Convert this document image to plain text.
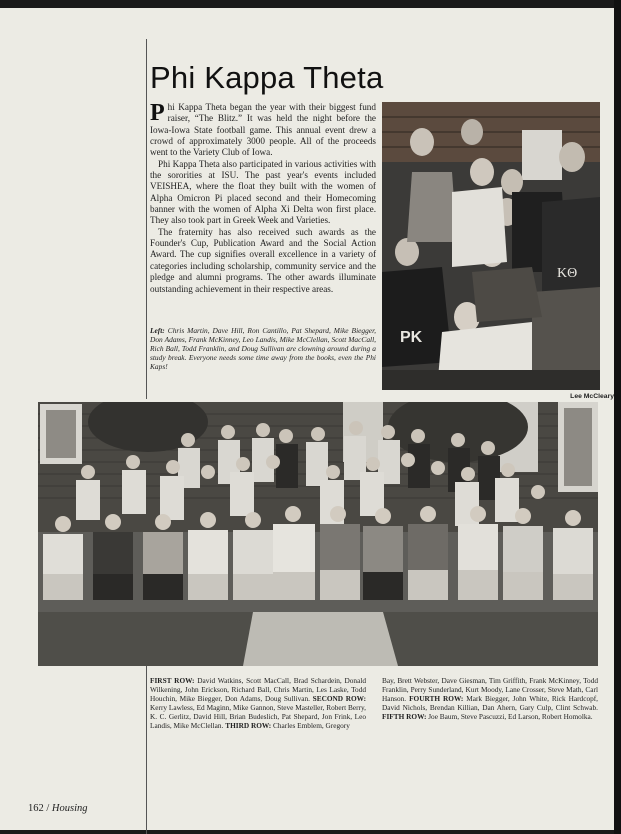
Phi Kappa Theta

Phi Kappa Theta began the year with their biggest fund raiser, “The Blitz.” It was held the night before the Iowa-Iowa State football game. This annual event drew a crowd of approximately 3000 people. All of the proceeds went to the Variety Club of Iowa.

Phi Kappa Theta also participated in various activities with the sororities at ISU. The past year's events included VEISHEA, where the float they built with the women of Alpha Omicron Pi placed second and their Homecoming banner with the women of Alpha Xi Delta won first place. They also took part in Greek Week and Varieties.

The fraternity has also received such awards as the Founder's Cup, Publication Award and the Social Action Award. The cup signifies overall excellence in a variety of categories including scholarship, community service and the pledge and alumni programs. The other awards illuminate outstanding achievement in their respective areas.

Left: Chris Martin, Dave Hill, Ron Cantillo, Pat Shepard, Mike Biegger, Don Adams, Frank McKinney, Leo Landis, Mike McClellan, Scott MacCall, Rich Ball, Todd Franklin, and Doug Sullivan are clowning around during a study break. Everyone needs some time away from the books, even the Phi Kaps!
PK
KΘ
Lee McCleary
FIRST ROW: David Watkins, Scott MacCall, Brad Schardein, Donald Wilkening, John Erickson, Richard Ball, Chris Martin, Les Laske, Todd Houchin, Mike Biegger, Don Adams, Doug Sullivan. SECOND ROW: Kerry Lawless, Ed Maginn, Mike Gannon, Steve Masteller, Robert Berry, K. C. Gerlitz, David Hill, Brian Budeslich, Pat Shepard, Jon Frink, Leo Landis, Mike McClellan. THIRD ROW: Charles Emblem, Gregory
Bay, Brett Webster, Dave Giesman, Tim Griffith, Frank McKinney, Todd Franklin, Perry Sunderland, Kurt Moody, Lane Crosser, Steve Math, Carl Hanson. FOURTH ROW: Mark Biegger, John White, Rick Hardcopf, David Nichols, Brendan Killian, Dan Ahern, Gary Culp, Clint Schwab. FIFTH ROW: Joe Baum, Steve Pascuzzi, Ed Larson, Robert Homolka.
162 / Housing
